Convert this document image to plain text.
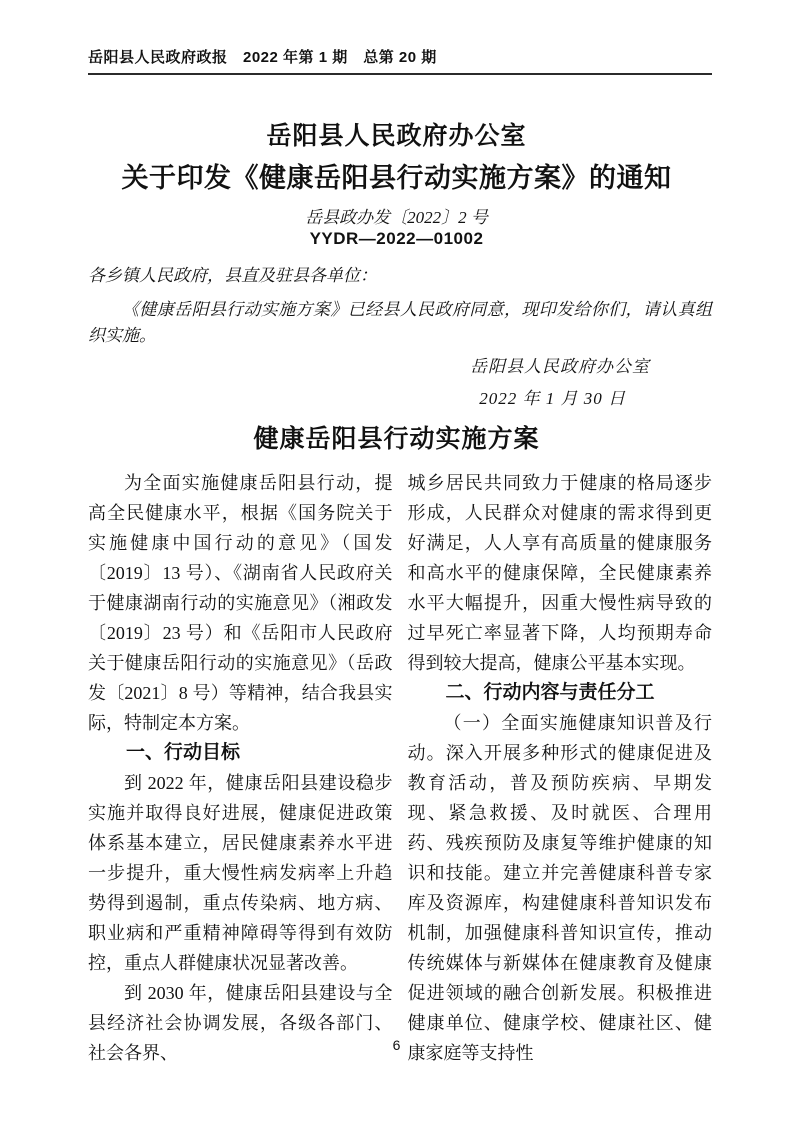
岳阳县人民政府政报　2022 年第 1 期　总第 20 期
岳阳县人民政府办公室
关于印发《健康岳阳县行动实施方案》的通知
岳县政办发〔2022〕2 号
YYDR—2022—01002
各乡镇人民政府，县直及驻县各单位：
《健康岳阳县行动实施方案》已经县人民政府同意，现印发给你们，请认真组织实施。
岳阳县人民政府办公室
2022 年 1 月 30 日
健康岳阳县行动实施方案

为全面实施健康岳阳县行动，提高全民健康水平，根据《国务院关于实施健康中国行动的意见》（国发〔2019〕13 号）、《湖南省人民政府关于健康湖南行动的实施意见》（湘政发〔2019〕23 号）和《岳阳市人民政府关于健康岳阳行动的实施意见》（岳政发〔2021〕8 号）等精神，结合我县实际，特制定本方案。

一、行动目标

到 2022 年，健康岳阳县建设稳步实施并取得良好进展，健康促进政策体系基本建立，居民健康素养水平进一步提升，重大慢性病发病率上升趋势得到遏制，重点传染病、地方病、职业病和严重精神障碍等得到有效防控，重点人群健康状况显著改善。

到 2030 年，健康岳阳县建设与全县经济社会协调发展，各级各部门、社会各界、

城乡居民共同致力于健康的格局逐步形成，人民群众对健康的需求得到更好满足，人人享有高质量的健康服务和高水平的健康保障，全民健康素养水平大幅提升，因重大慢性病导致的过早死亡率显著下降，人均预期寿命得到较大提高，健康公平基本实现。

二、行动内容与责任分工

（一）全面实施健康知识普及行动。深入开展多种形式的健康促进及教育活动，普及预防疾病、早期发现、紧急救援、及时就医、合理用药、残疾预防及康复等维护健康的知识和技能。建立并完善健康科普专家库及资源库，构建健康科普知识发布机制，加强健康科普知识宣传，推动传统媒体与新媒体在健康教育及健康促进领域的融合创新发展。积极推进健康单位、健康学校、健康社区、健康家庭等支持性

6
